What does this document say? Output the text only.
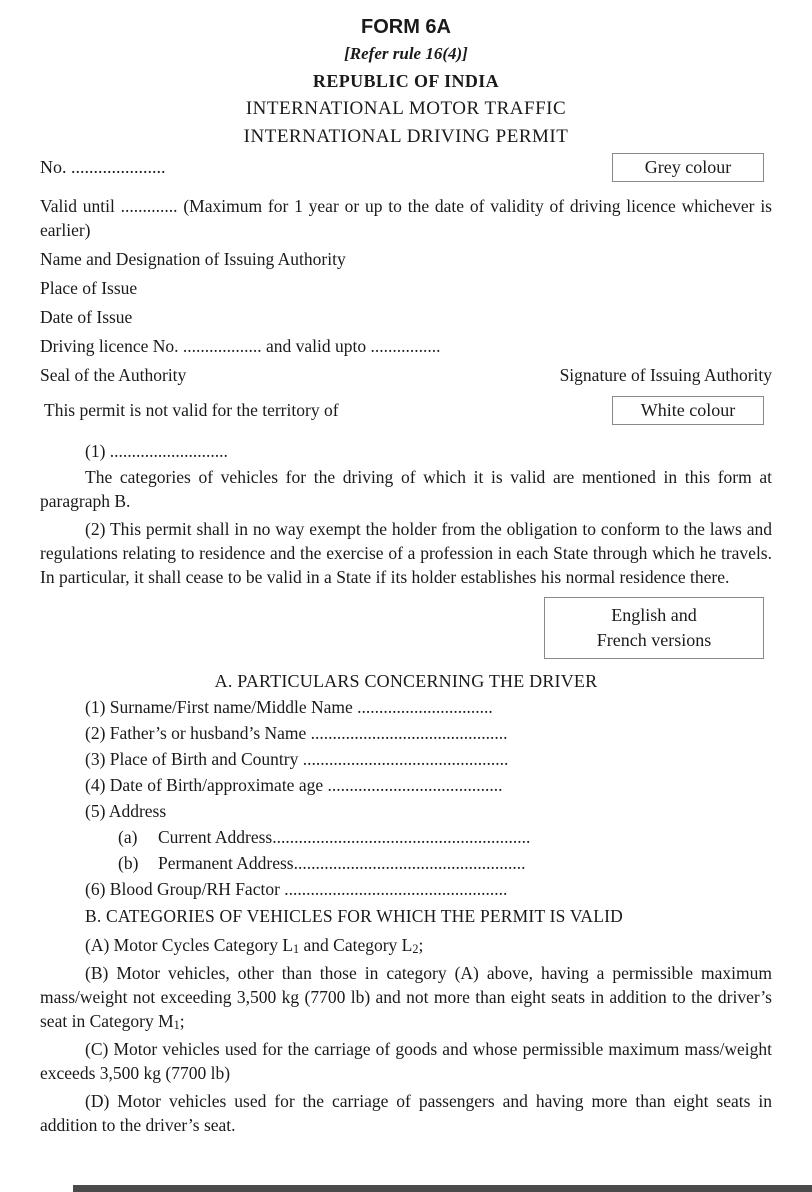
FORM 6A
[Refer rule 16(4)]
REPUBLIC OF INDIA
INTERNATIONAL MOTOR TRAFFIC
INTERNATIONAL DRIVING PERMIT
No. .....................	Grey colour

Valid until ............. (Maximum for 1 year or up to the date of validity of driving licence whichever is earlier)

Name and Designation of Issuing Authority
Place of Issue
Date of Issue
Driving licence No. .................. and valid upto ................
Seal of the Authority	Signature of Issuing Authority
This permit is not valid for the territory of	White colour
(1) ...........................

The categories of vehicles for the driving of which it is valid are mentioned in this form at paragraph B.

(2) This permit shall in no way exempt the holder from the obligation to conform to the laws and regulations relating to residence and the exercise of a profession in each State through which he travels. In particular, it shall cease to be valid in a State if its holder establishes his normal residence there.

English and
French versions
A. PARTICULARS CONCERNING THE DRIVER
(1) Surname/First name/Middle Name ...............................
(2) Father’s or husband’s Name .............................................
(3) Place of Birth and Country ...............................................
(4) Date of Birth/approximate age ........................................
(5) Address
(a) Current Address...........................................................
(b) Permanent Address.....................................................
(6) Blood Group/RH Factor ...................................................
B. CATEGORIES OF VEHICLES FOR WHICH THE PERMIT IS VALID

(A) Motor Cycles Category $L_1$ and Category $L_2$;

(B) Motor vehicles, other than those in category (A) above, having a permissible maximum mass/weight not exceeding 3,500 kg (7700 lb) and not more than eight seats in addition to the driver’s seat in Category $M_1$;

(C) Motor vehicles used for the carriage of goods and whose permissible maximum mass/weight exceeds 3,500 kg (7700 lb)

(D) Motor vehicles used for the carriage of passengers and having more than eight seats in addition to the driver’s seat.
